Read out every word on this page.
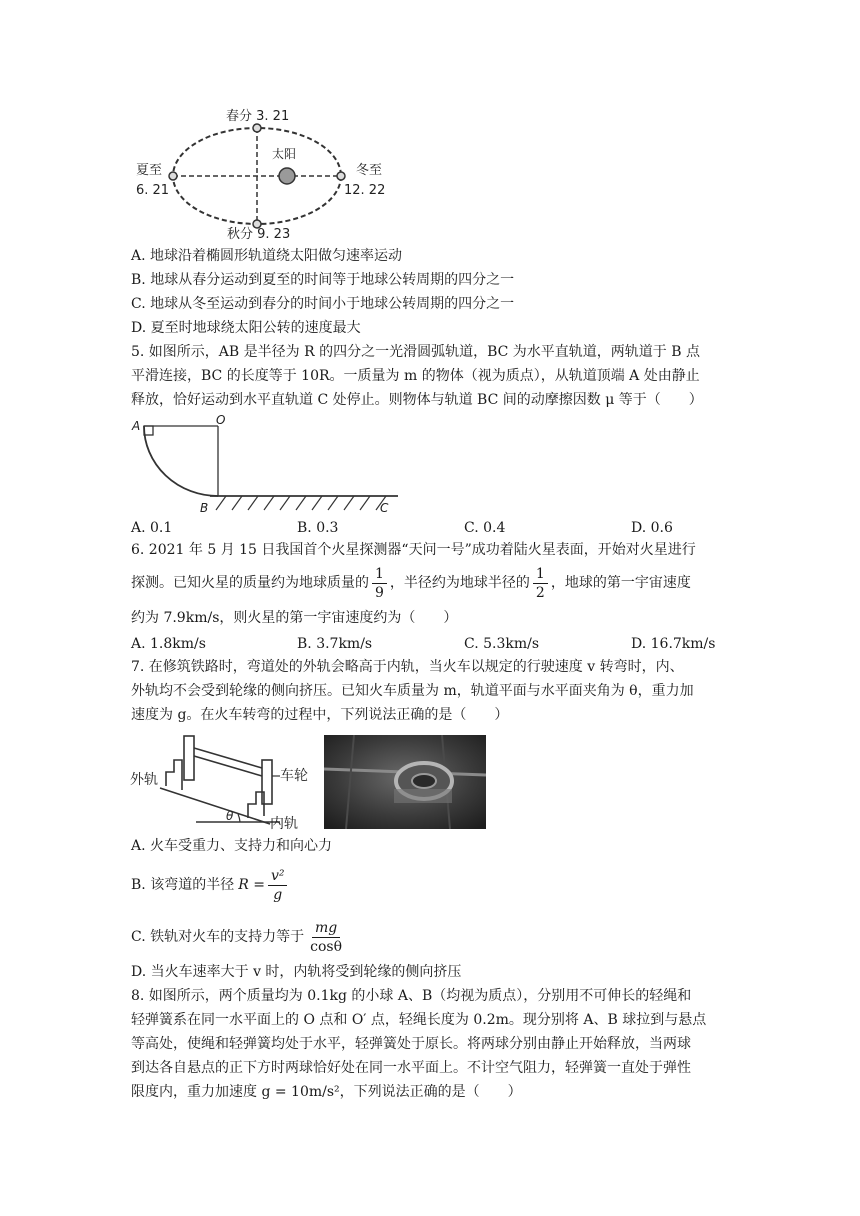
春分 3. 21
太阳
夏至
6. 21
冬至
12. 22
秋分 9. 23
A. 地球沿着椭圆形轨道绕太阳做匀速率运动
B. 地球从春分运动到夏至的时间等于地球公转周期的四分之一
C. 地球从冬至运动到春分的时间小于地球公转周期的四分之一
D. 夏至时地球绕太阳公转的速度最大
5. 如图所示，AB 是半径为 R 的四分之一光滑圆弧轨道，BC 为水平直轨道，两轨道于 B 点
平滑连接，BC 的长度等于 10R。一质量为 m 的物体（视为质点），从轨道顶端 A 处由静止
释放，恰好运动到水平直轨道 C 处停止。则物体与轨道 BC 间的动摩擦因数 μ 等于（　　）
A	O
B	C
A. 0.1	B. 0.3	C. 0.4	D. 0.6
6. 2021 年 5 月 15 日我国首个火星探测器“天问一号”成功着陆火星表面，开始对火星进行
探测。已知火星的质量约为地球质量的 $\frac{1}{9}$ ，半径约为地球半径的 $\frac{1}{2}$ ，地球的第一宇宙速度
约为 7.9km/s，则火星的第一宇宙速度约为（　　）
A. 1.8km/s	B. 3.7km/s	C. 5.3km/s	D. 16.7km/s
7. 在修筑铁路时，弯道处的外轨会略高于内轨，当火车以规定的行驶速度 v 转弯时，内、
外轨均不会受到轮缘的侧向挤压。已知火车质量为 m，轨道平面与水平面夹角为 θ，重力加
速度为 g。在火车转弯的过程中，下列说法正确的是（　　）
外轨	车轮
内轨
θ
A. 火车受重力、支持力和向心力
B. 该弯道的半径 $R = \frac{\text{v²}}{g}$
C. 铁轨对火车的支持力等于 $\frac{mg}{\cos\theta}$
D. 当火车速率大于 v 时，内轨将受到轮缘的侧向挤压
8. 如图所示，两个质量均为 0.1kg 的小球 A、B（均视为质点），分别用不可伸长的轻绳和
轻弹簧系在同一水平面上的 O 点和 O′ 点，轻绳长度为 0.2m。现分别将 A、B 球拉到与悬点
等高处，使绳和轻弹簧均处于水平，轻弹簧处于原长。将两球分别由静止开始释放，当两球
到达各自悬点的正下方时两球恰好处在同一水平面上。不计空气阻力，轻弹簧一直处于弹性
限度内，重力加速度 g = 10m/s²，下列说法正确的是（　　）
